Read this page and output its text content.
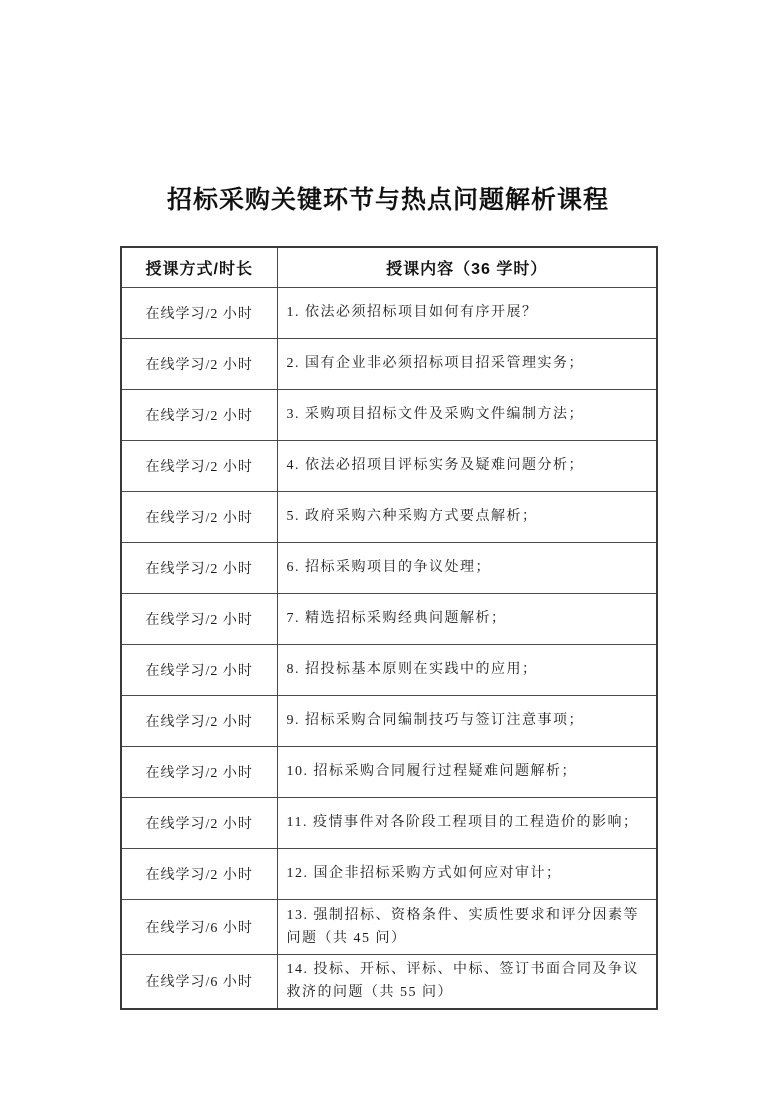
招标采购关键环节与热点问题解析课程
授课方式/时长	授课内容（36 学时）
在线学习/2 小时	1. 依法必须招标项目如何有序开展？
在线学习/2 小时	2. 国有企业非必须招标项目招采管理实务；
在线学习/2 小时	3. 采购项目招标文件及采购文件编制方法；
在线学习/2 小时	4. 依法必招项目评标实务及疑难问题分析；
在线学习/2 小时	5. 政府采购六种采购方式要点解析；
在线学习/2 小时	6. 招标采购项目的争议处理；
在线学习/2 小时	7. 精选招标采购经典问题解析；
在线学习/2 小时	8. 招投标基本原则在实践中的应用；
在线学习/2 小时	9. 招标采购合同编制技巧与签订注意事项；
在线学习/2 小时	10. 招标采购合同履行过程疑难问题解析；
在线学习/2 小时	11. 疫情事件对各阶段工程项目的工程造价的影响；
在线学习/2 小时	12. 国企非招标采购方式如何应对审计；
在线学习/6 小时	13. 强制招标、资格条件、实质性要求和评分因素等问题（共 45 问）
在线学习/6 小时	14. 投标、开标、评标、中标、签订书面合同及争议救济的问题（共 55 问）
